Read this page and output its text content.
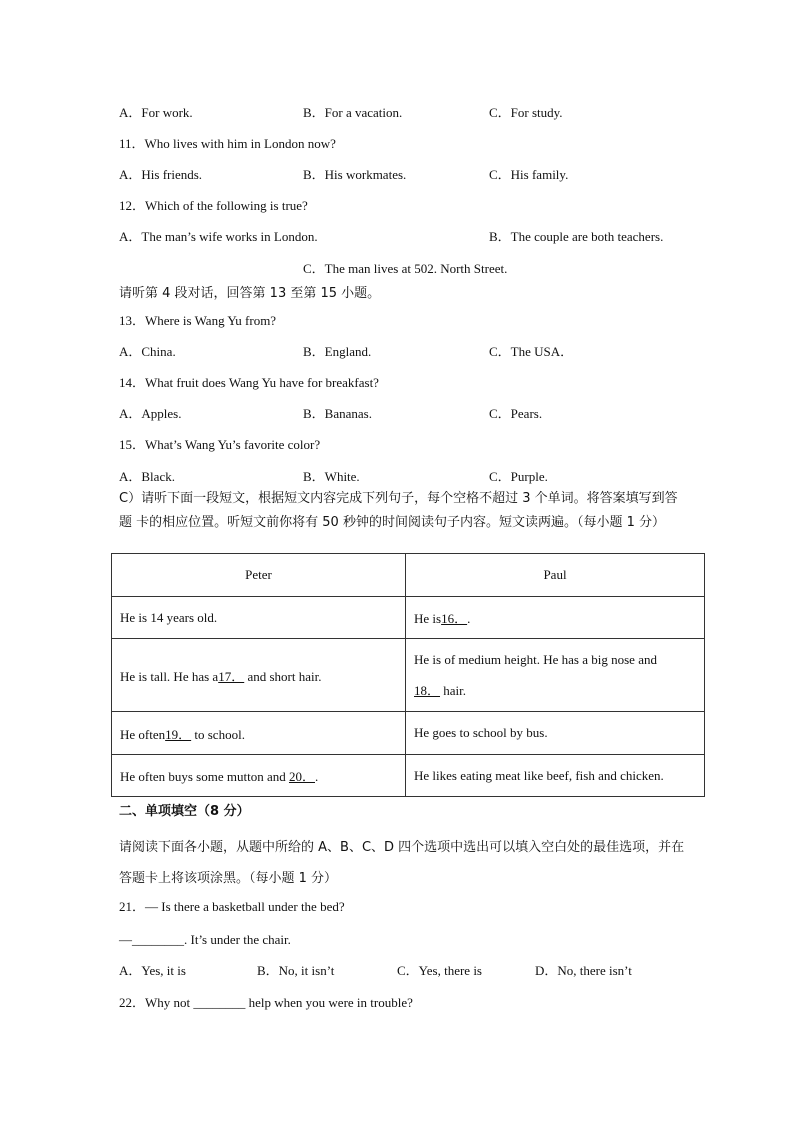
A．For work.	B．For a vacation.	C．For study.
11．Who lives with him in London now?
A．His friends.	B．His workmates.	C．His family.
12．Which of the following is true?
A．The man’s wife works in London.	B．The couple are both teachers.
C．The man lives at 502. North Street.
请听第 4 段对话，回答第 13 至第 15 小题。
13．Where is Wang Yu from?
A．China.	B．England.	C．The USA．
14．What fruit does Wang Yu have for breakfast?
A．Apples.	B．Bananas.	C．Pears.
15．What’s Wang Yu’s favorite color?
A．Black.	B．White.	C．Purple.
C）请听下面一段短文，根据短文内容完成下列句子，每个空格不超过 3 个单词。将答案填写到答题 卡的相应位置。听短文前你将有 50 秒钟的时间阅读句子内容。短文读两遍。（每小题 1 分）
Peter	Paul
He is 14 years old.	He is16．.
He is tall. He has a17． and short hair.	He is of medium height. He has a big nose and
18． hair.
He often19． to school.	He goes to school by bus.
He often buys some mutton and 20．.	He likes eating meat like beef, fish and chicken.
二、单项填空（8 分）
请阅读下面各小题，从题中所给的 A、B、C、D 四个选项中选出可以填入空白处的最佳选项，并在 答题卡上将该项涂黑。（每小题 1 分）
21．— Is there a basketball under the bed?
—________. It’s under the chair.
A．Yes, it is	B．No, it isn’t	C．Yes, there is	D．No, there isn’t
22．Why not ________ help when you were in trouble?
